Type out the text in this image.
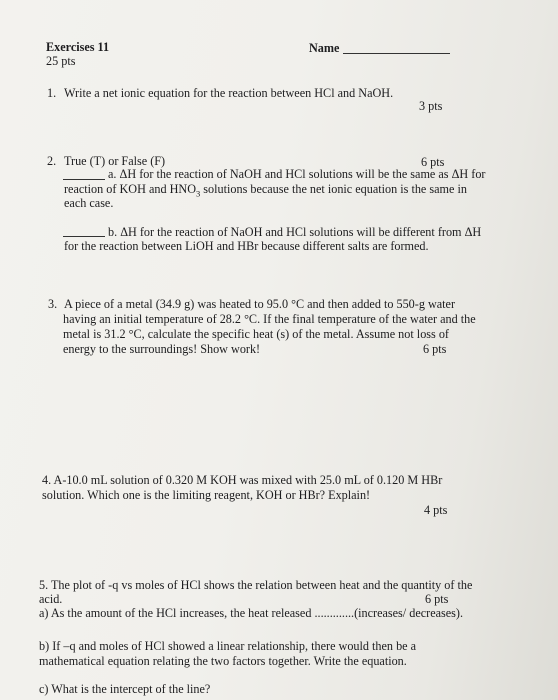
Exercises 11
25 pts
Name
1. Write a net ionic equation for the reaction between HCl and NaOH.
3 pts
2. True (T) or False (F)	6 pts
a. ΔH for the reaction of NaOH and HCl solutions will be the same as ΔH for
reaction of KOH and $HNO_3$ solutions because the net ionic equation is the same in
each case.
b. ΔH for the reaction of NaOH and HCl solutions will be different from ΔH
for the reaction between LiOH and HBr because different salts are formed.
3. A piece of a metal (34.9 g) was heated to 95.0 °C and then added to 550-g water
having an initial temperature of 28.2 °C. If the final temperature of the water and the
metal is 31.2 °C, calculate the specific heat (s) of the metal. Assume not loss of
energy to the surroundings! Show work!	6 pts
4. A-10.0 mL solution of 0.320 M KOH was mixed with 25.0 mL of 0.120 M HBr
solution. Which one is the limiting reagent, KOH or HBr? Explain!
4 pts
5. The plot of -q vs moles of HCl shows the relation between heat and the quantity of the
acid.	6 pts
a) As the amount of the HCl increases, the heat released .............(increases/ decreases).
b) If –q and moles of HCl showed a linear relationship, there would then be a
mathematical equation relating the two factors together. Write the equation.
c) What is the intercept of the line?
